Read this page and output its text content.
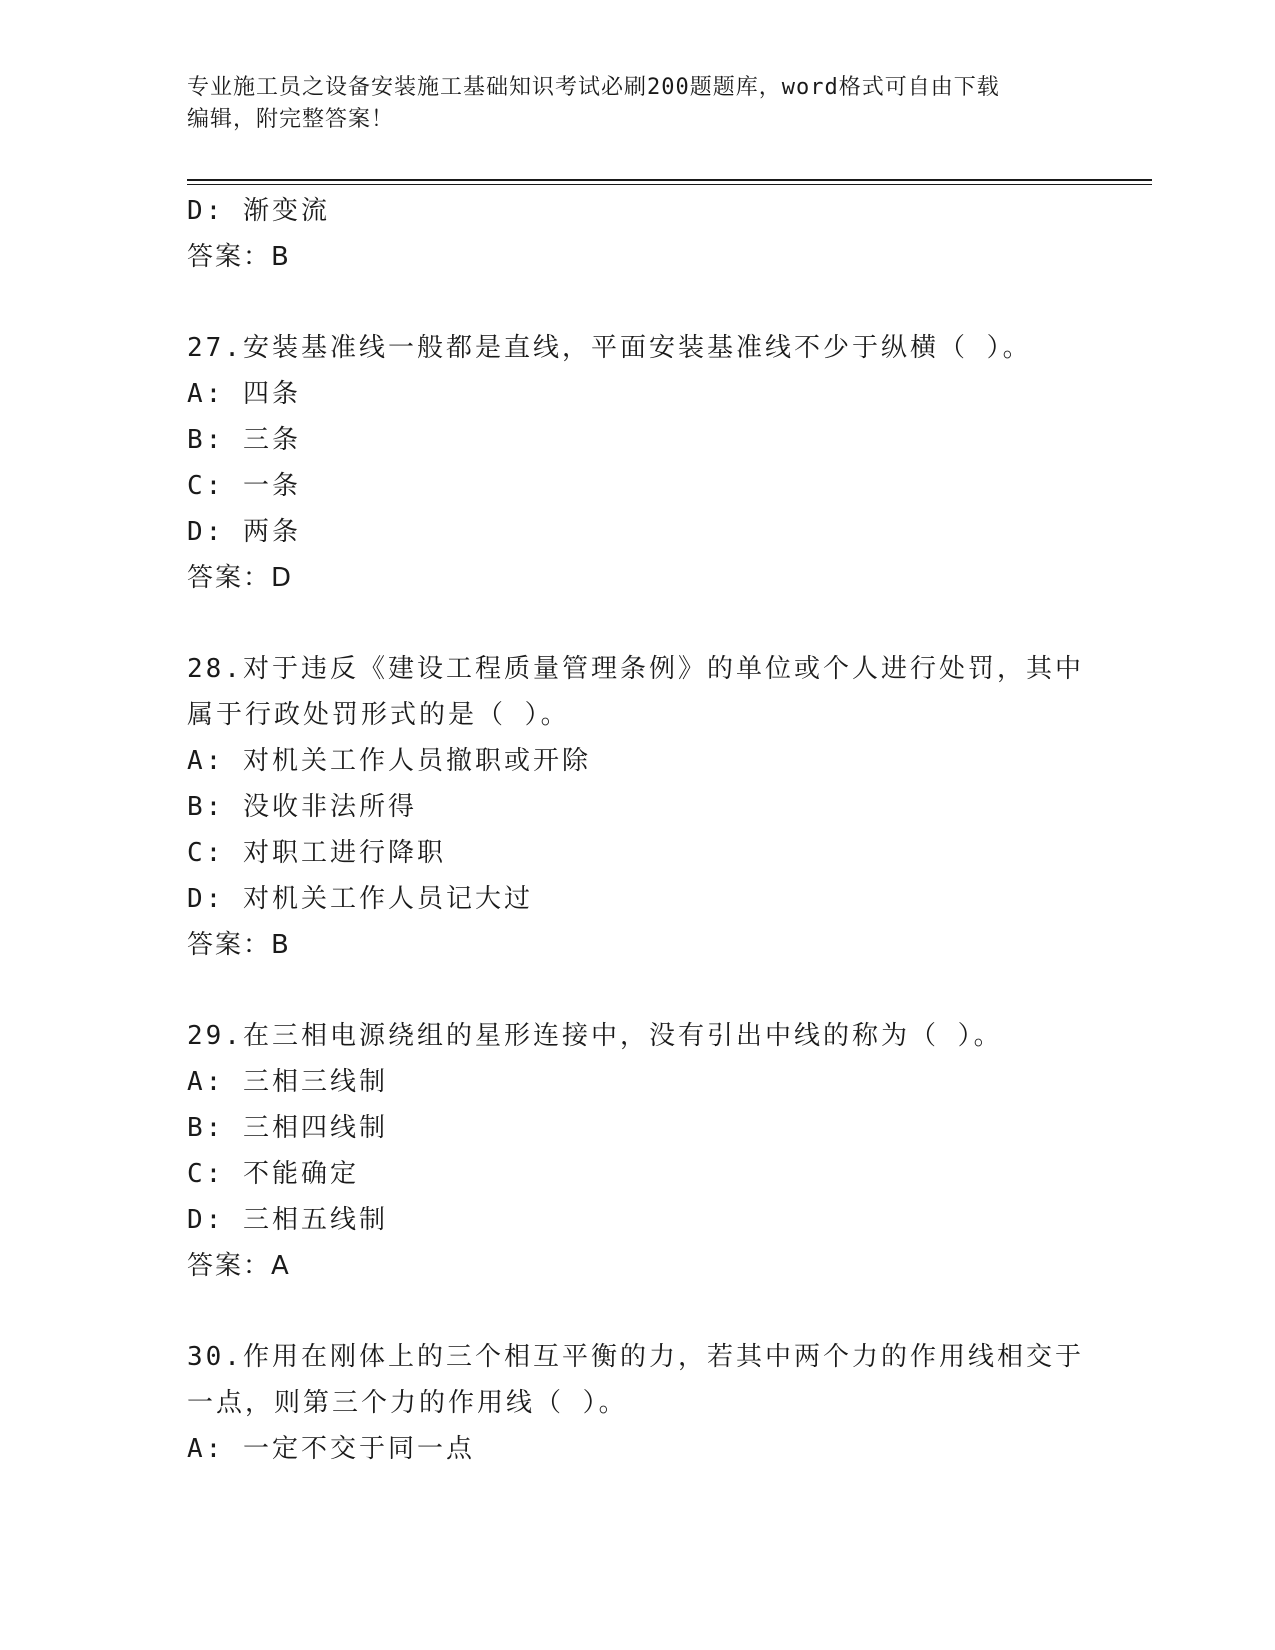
专业施工员之设备安装施工基础知识考试必刷200题题库，word格式可自由下载
编辑，附完整答案！
D: 渐变流
答案：B
27.安装基准线一般都是直线，平面安装基准线不少于纵横（ ）。
A: 四条
B: 三条
C: 一条
D: 两条
答案：D
28.对于违反《建设工程质量管理条例》的单位或个人进行处罚，其中
属于行政处罚形式的是（ ）。
A: 对机关工作人员撤职或开除
B: 没收非法所得
C: 对职工进行降职
D: 对机关工作人员记大过
答案：B
29.在三相电源绕组的星形连接中，没有引出中线的称为（ ）。
A: 三相三线制
B: 三相四线制
C: 不能确定
D: 三相五线制
答案：A
30.作用在刚体上的三个相互平衡的力，若其中两个力的作用线相交于
一点，则第三个力的作用线（ ）。
A: 一定不交于同一点
